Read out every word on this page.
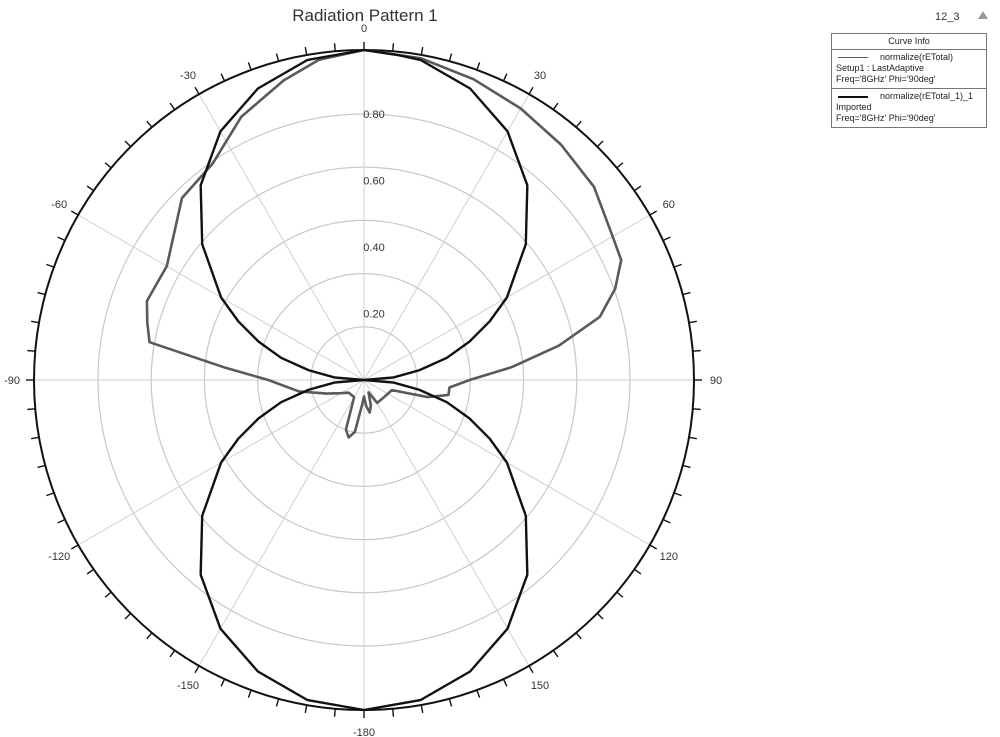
Radiation Pattern 1	12_3
Curve Info
normalize(rETotal)
Setup1 : LastAdaptive
Freq='8GHz' Phi='90deg'
normalize(rETotal_1)_1
Imported
Freq='8GHz' Phi='90deg'
0
30
60
90
120
150
-180
-150
-120
-90
-60
-30
0.20
0.40
0.60
0.80
